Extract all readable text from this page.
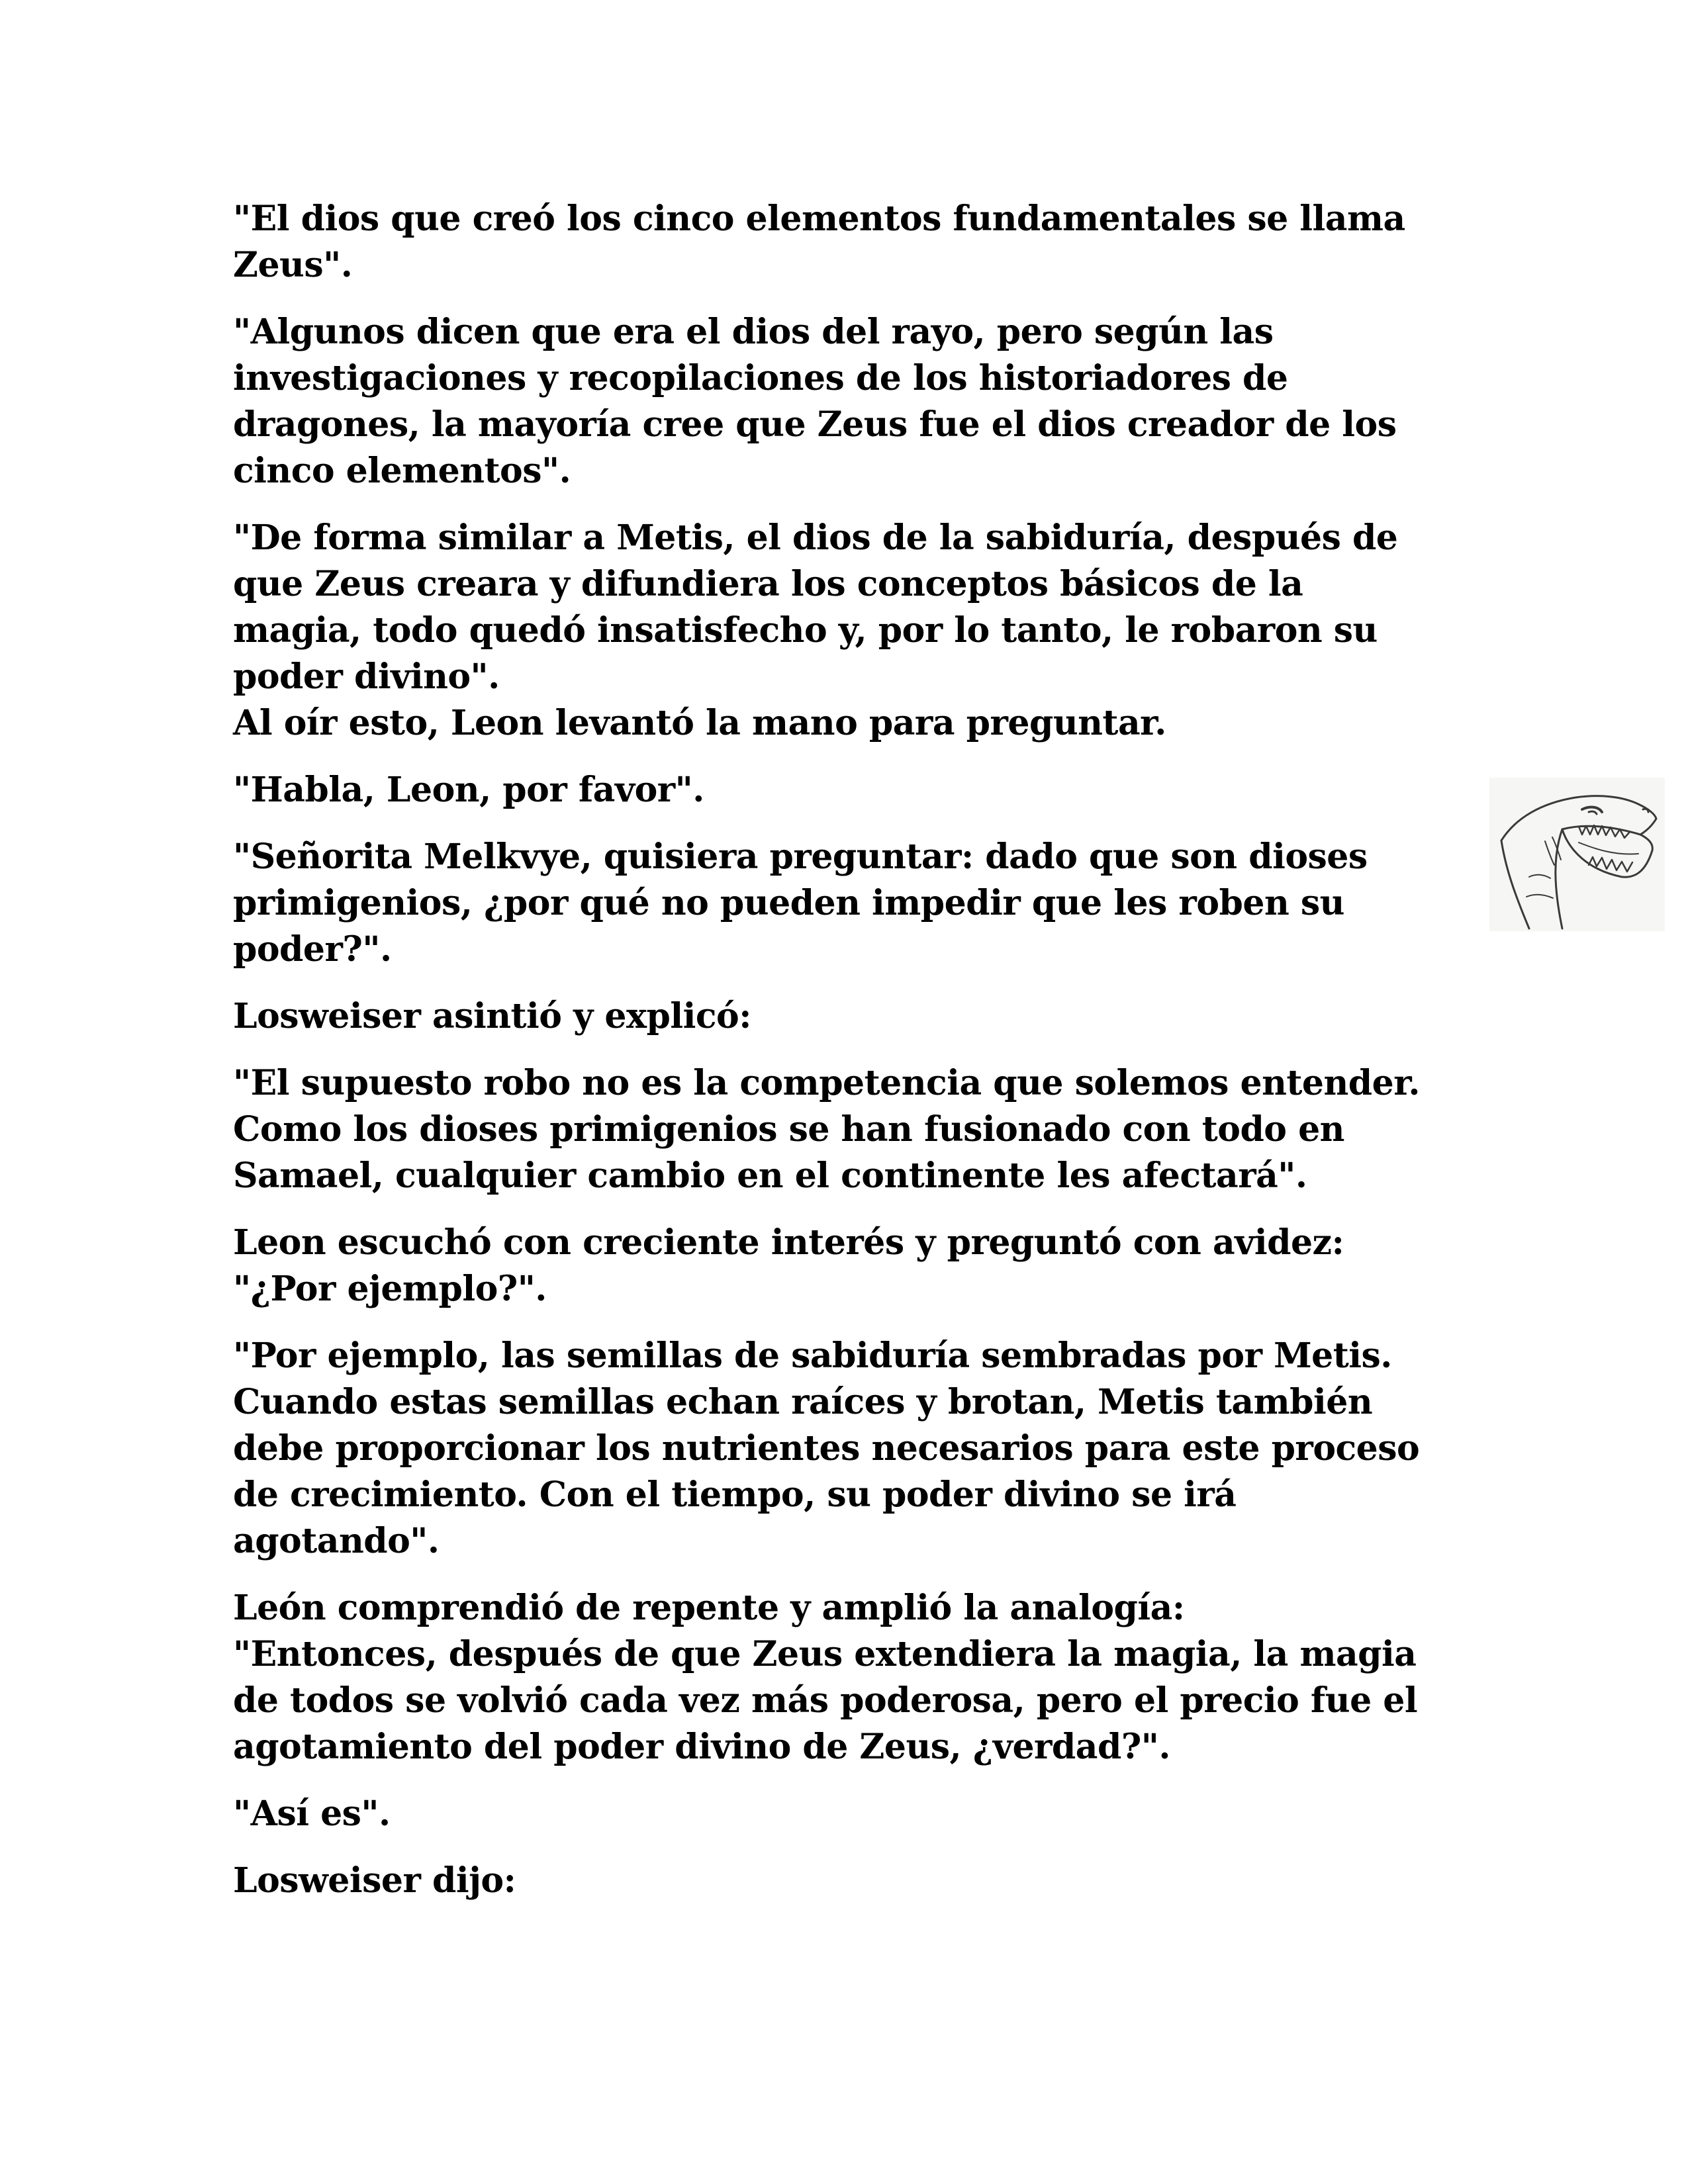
"El dios que creó los cinco elementos fundamentales se llama
Zeus".

"Algunos dicen que era el dios del rayo, pero según las
investigaciones y recopilaciones de los historiadores de
dragones, la mayoría cree que Zeus fue el dios creador de los
cinco elementos".

"De forma similar a Metis, el dios de la sabiduría, después de
que Zeus creara y difundiera los conceptos básicos de la
magia, todo quedó insatisfecho y, por lo tanto, le robaron su
poder divino".
Al oír esto, Leon levantó la mano para preguntar.

"Habla, Leon, por favor".

"Señorita Melkvye, quisiera preguntar: dado que son dioses
primigenios, ¿por qué no pueden impedir que les roben su
poder?".

Losweiser asintió y explicó:

"El supuesto robo no es la competencia que solemos entender.
Como los dioses primigenios se han fusionado con todo en
Samael, cualquier cambio en el continente les afectará".

Leon escuchó con creciente interés y preguntó con avidez:
"¿Por ejemplo?".

"Por ejemplo, las semillas de sabiduría sembradas por Metis.
Cuando estas semillas echan raíces y brotan, Metis también
debe proporcionar los nutrientes necesarios para este proceso
de crecimiento. Con el tiempo, su poder divino se irá
agotando".

León comprendió de repente y amplió la analogía:
"Entonces, después de que Zeus extendiera la magia, la magia
de todos se volvió cada vez más poderosa, pero el precio fue el
agotamiento del poder divino de Zeus, ¿verdad?".

"Así es".

Losweiser dijo:
